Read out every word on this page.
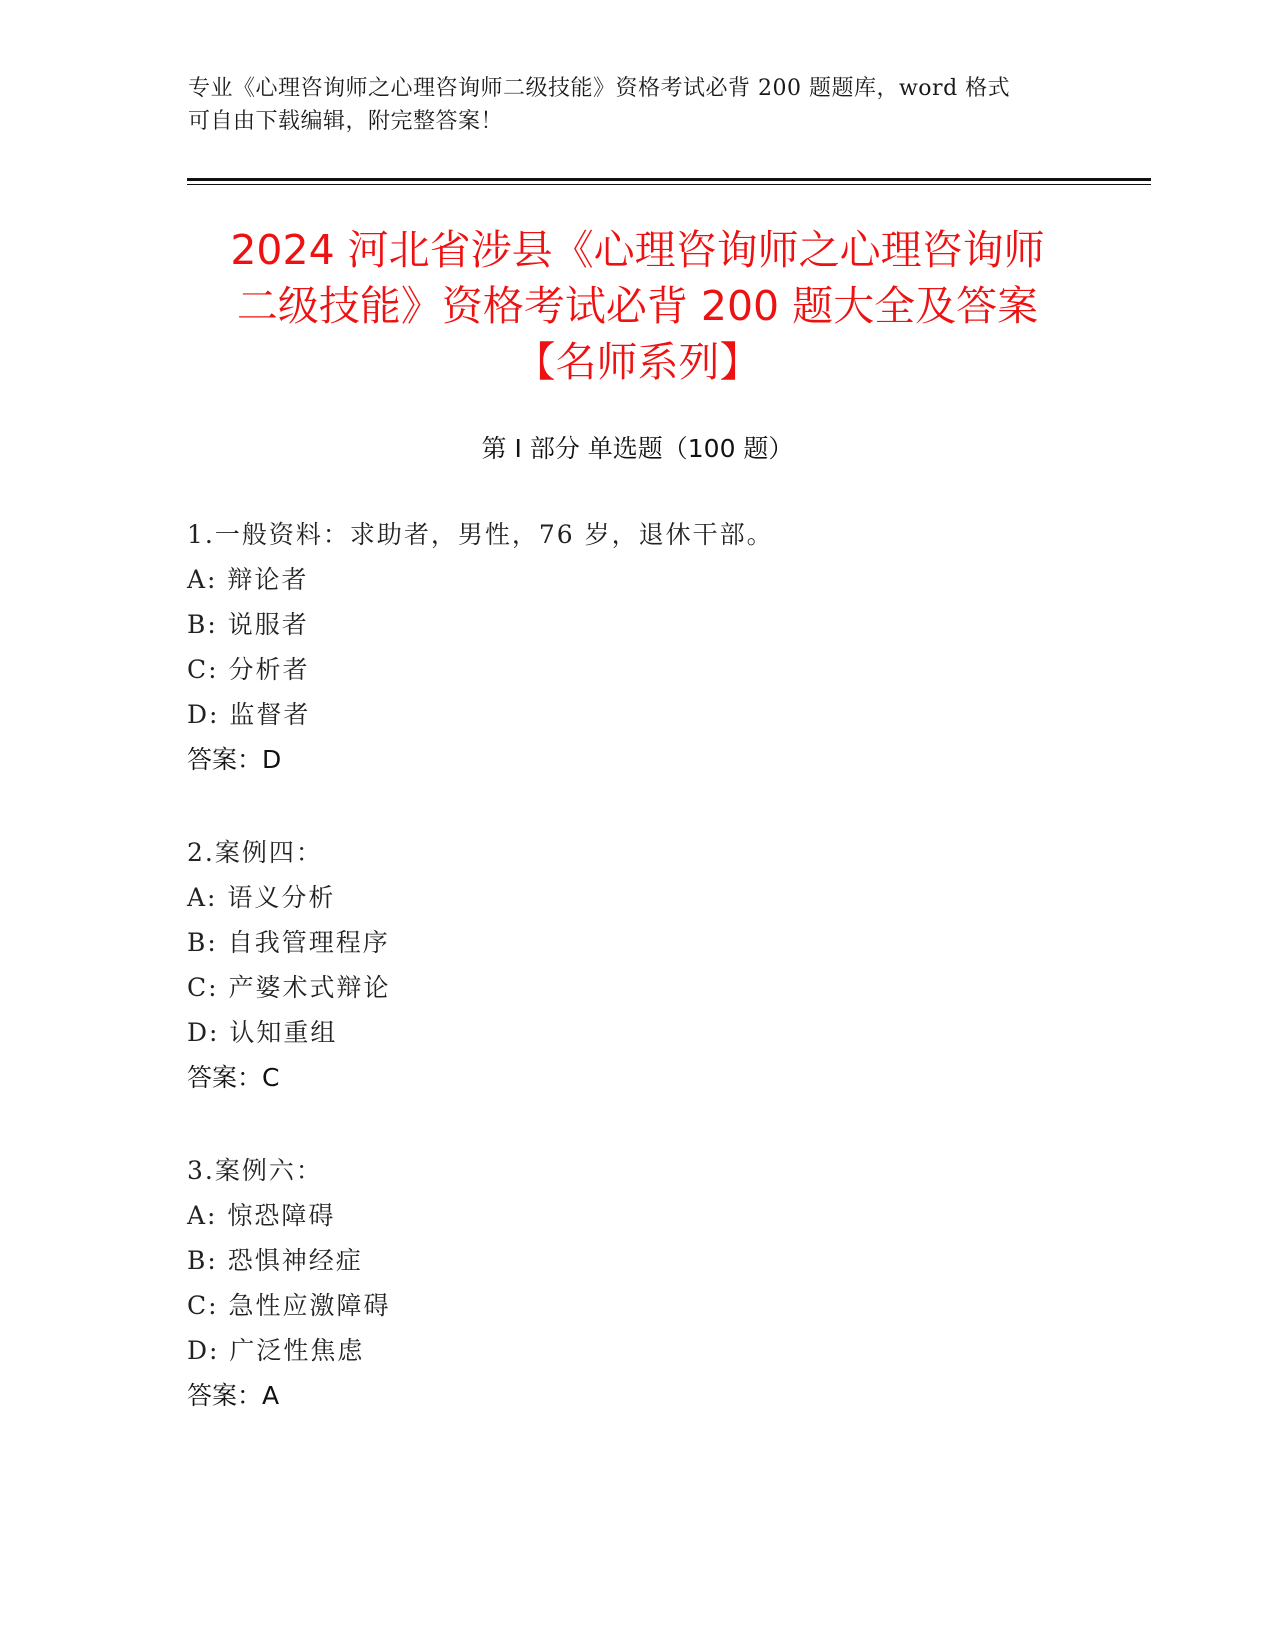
专业《心理咨询师之心理咨询师二级技能》资格考试必背 200 题题库，word 格式
可自由下载编辑，附完整答案！
2024 河北省涉县《心理咨询师之心理咨询师
二级技能》资格考试必背 200 题大全及答案
【名师系列】
第 I 部分 单选题（100 题）
1.一般资料：求助者，男性，76 岁，退休干部。
A: 辩论者
B: 说服者
C: 分析者
D: 监督者
答案：D
2.案例四：
A: 语义分析
B: 自我管理程序
C: 产婆术式辩论
D: 认知重组
答案：C
3.案例六：
A: 惊恐障碍
B: 恐惧神经症
C: 急性应激障碍
D: 广泛性焦虑
答案：A
